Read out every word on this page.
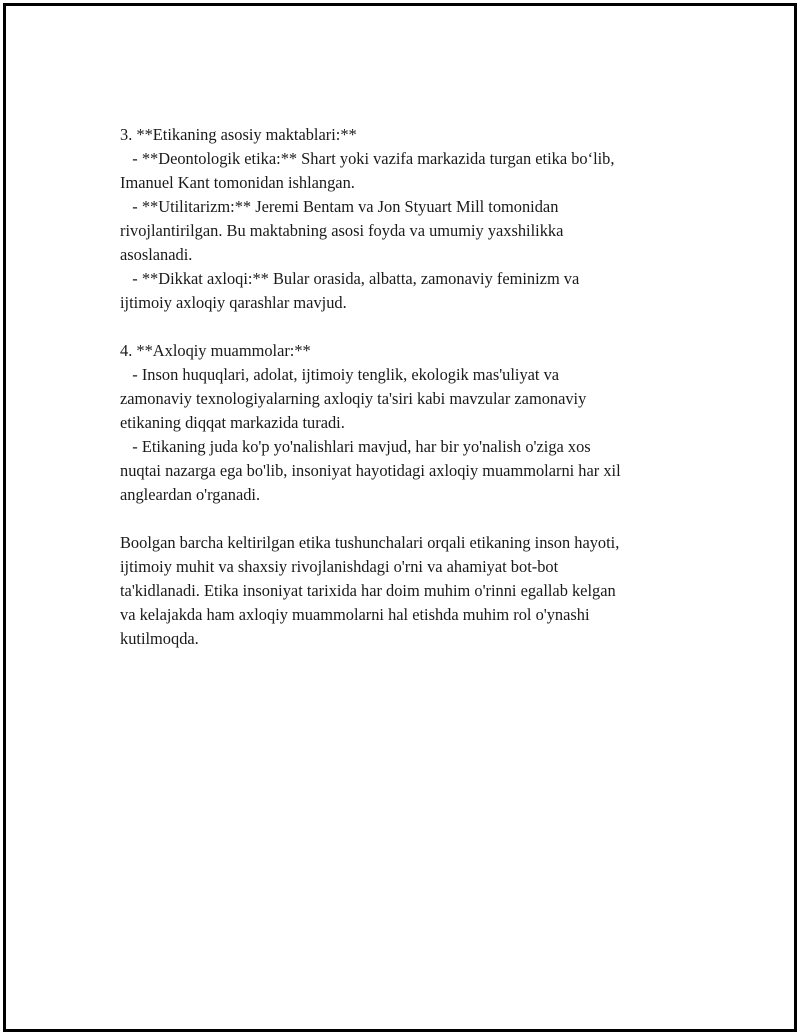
3. **Etikaning asosiy maktablari:**
- **Deontologik etika:** Shart yoki vazifa markazida turgan etika bo‘lib,
Imanuel Kant tomonidan ishlangan.
- **Utilitarizm:** Jeremi Bentam va Jon Styuart Mill tomonidan
rivojlantirilgan. Bu maktabning asosi foyda va umumiy yaxshilikka
asoslanadi.
- **Dikkat axloqi:** Bular orasida, albatta, zamonaviy feminizm va
ijtimoiy axloqiy qarashlar mavjud.
4. **Axloqiy muammolar:**
- Inson huquqlari, adolat, ijtimoiy tenglik, ekologik mas'uliyat va
zamonaviy texnologiyalarning axloqiy ta'siri kabi mavzular zamonaviy
etikaning diqqat markazida turadi.
- Etikaning juda ko'p yo'nalishlari mavjud, har bir yo'nalish o'ziga xos
nuqtai nazarga ega bo'lib, insoniyat hayotidagi axloqiy muammolarni har xil
angleardan o'rganadi.
Boolgan barcha keltirilgan etika tushunchalari orqali etikaning inson hayoti,
ijtimoiy muhit va shaxsiy rivojlanishdagi o'rni va ahamiyat bot-bot
ta'kidlanadi. Etika insoniyat tarixida har doim muhim o'rinni egallab kelgan
va kelajakda ham axloqiy muammolarni hal etishda muhim rol o'ynashi
kutilmoqda.
